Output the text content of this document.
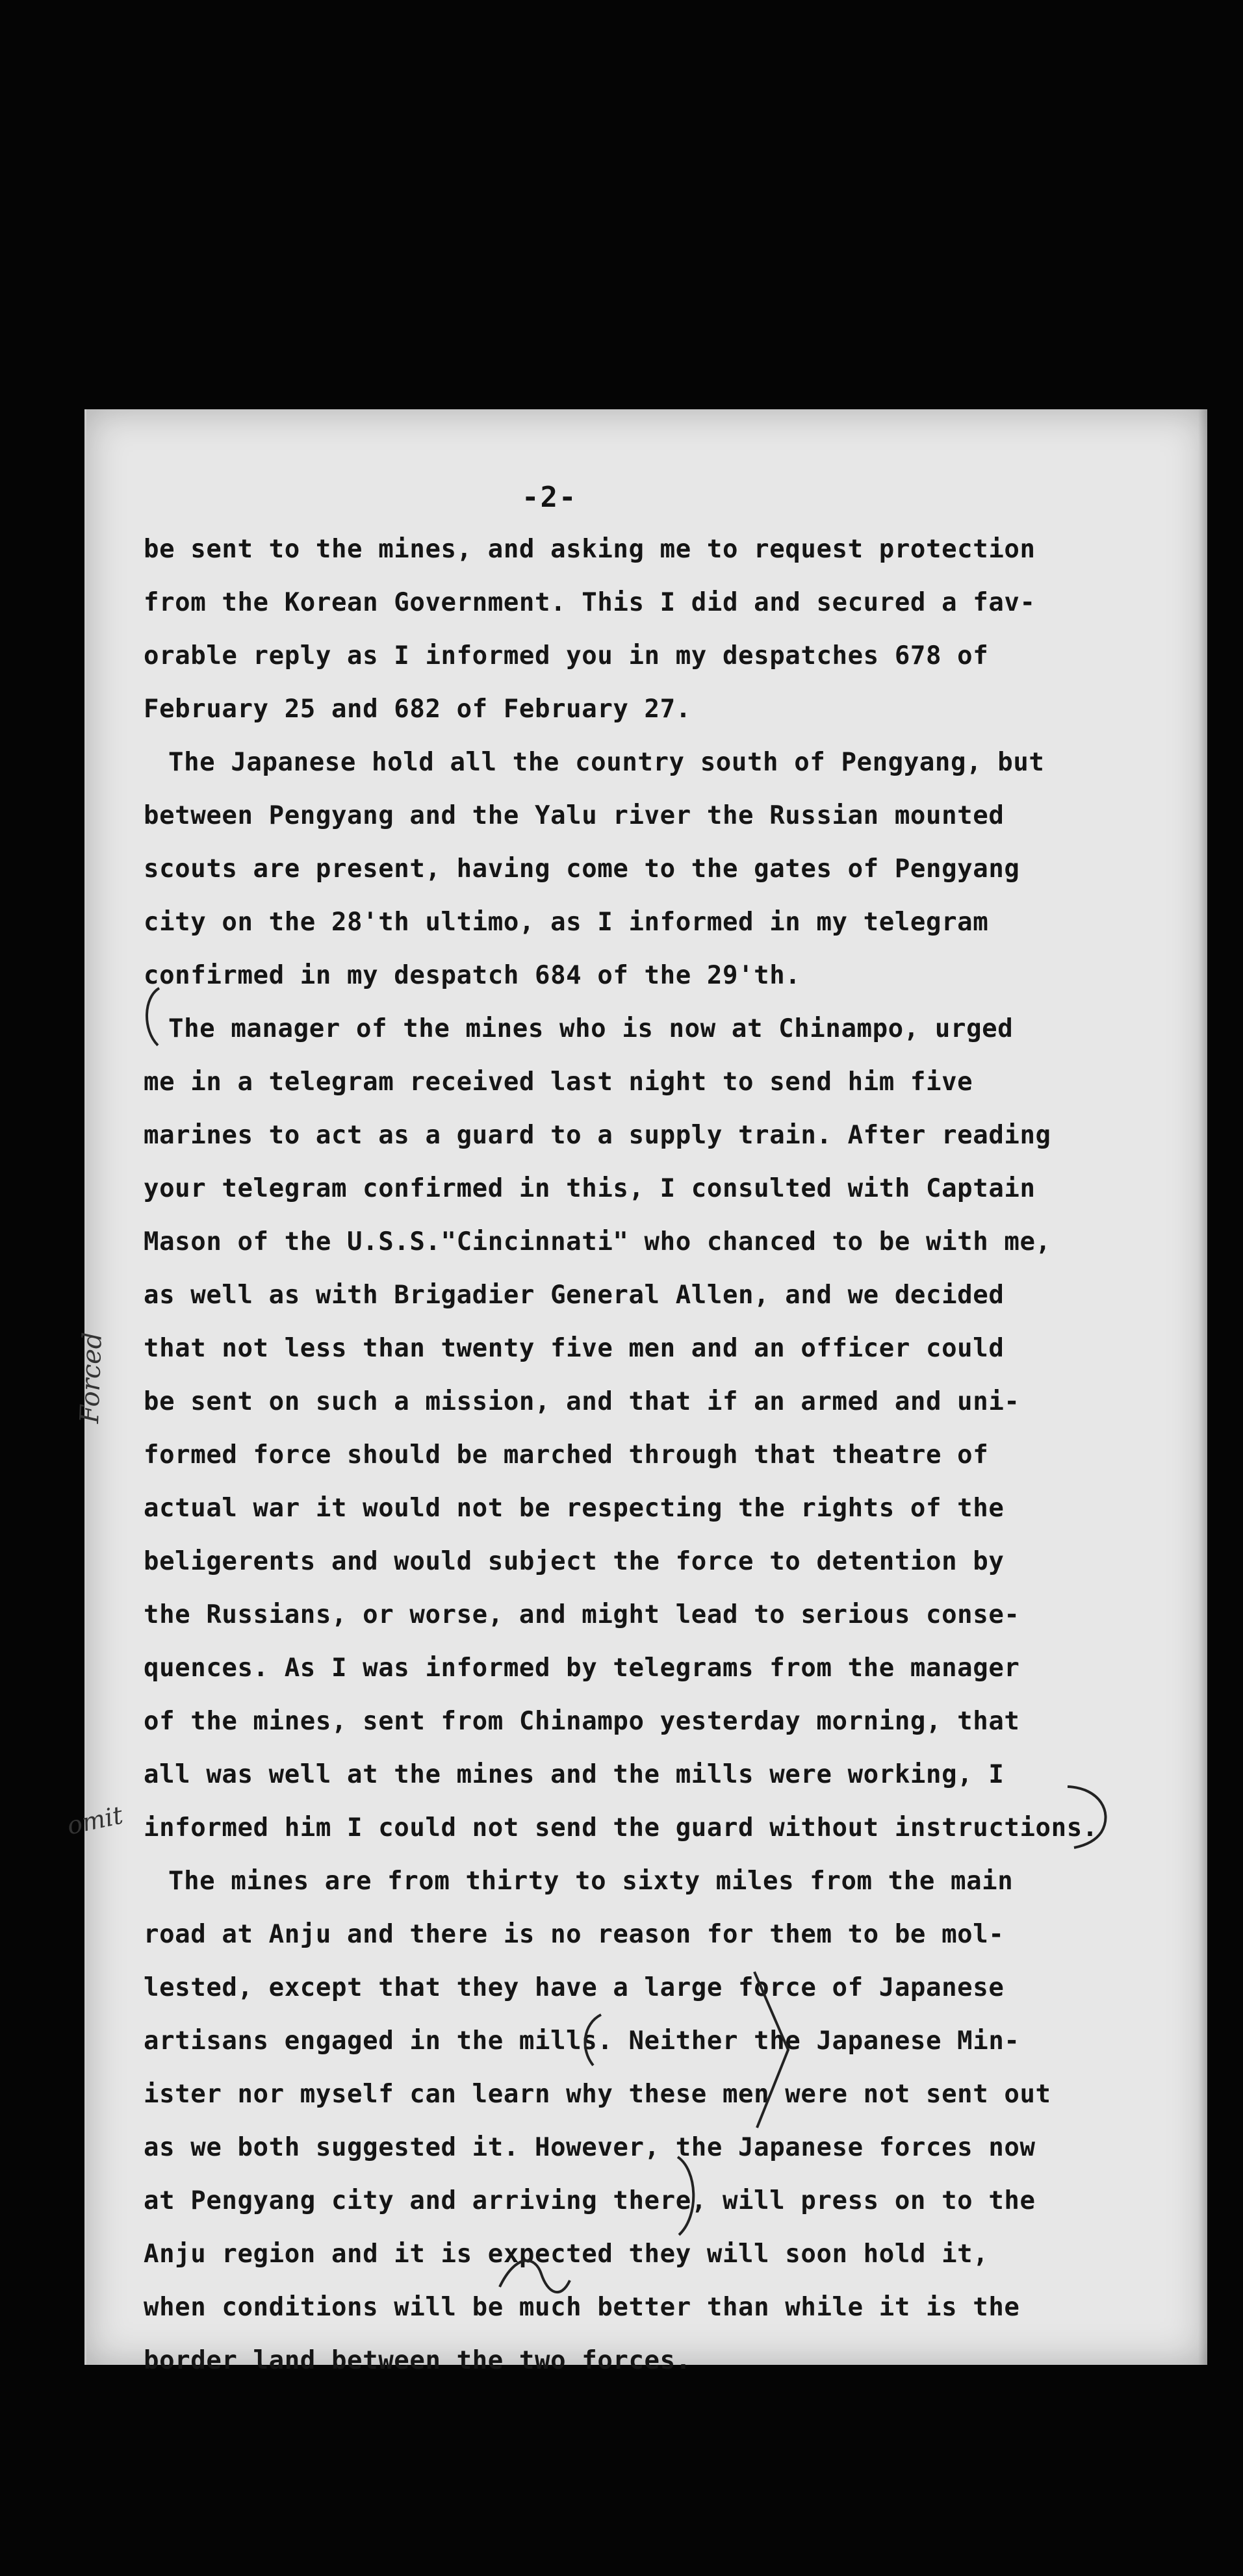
-2-
be sent to the mines, and asking me to request protection
from the Korean Government. This I did and secured a fav-
orable reply as I informed you in my despatches 678 of
February 25 and 682 of February 27.
The Japanese hold all the country south of Pengyang, but
between Pengyang and the Yalu river the Russian mounted
scouts are present, having come to the gates of Pengyang
city on the 28'th ultimo, as I informed in my telegram
confirmed in my despatch 684 of the 29'th.
The manager of the mines who is now at Chinampo, urged
me in a telegram received last night to send him five
marines to act as a guard to a supply train. After reading
your telegram confirmed in this, I consulted with Captain
Mason of the U.S.S."Cincinnati" who chanced to be with me,
as well as with Brigadier General Allen, and we decided
that not less than twenty five men and an officer could
be sent on such a mission, and that if an armed and uni-
formed force should be marched through that theatre of
actual war it would not be respecting the rights of the
beligerents and would subject the force to detention by
the Russians, or worse, and might lead to serious conse-
quences. As I was informed by telegrams from the manager
of the mines, sent from Chinampo yesterday morning, that
all was well at the mines and the mills were working, I
informed him I could not send the guard without instructions.
The mines are from thirty to sixty miles from the main
road at Anju and there is no reason for them to be mol-
lested, except that they have a large force of Japanese
artisans engaged in the mills. Neither the Japanese Min-
ister nor myself can learn why these men were not sent out
as we both suggested it. However, the Japanese forces now
at Pengyang city and arriving there, will press on to the
Anju region and it is expected they will soon hold it,
when conditions will be much better than while it is the
border land between the two forces.
Forced
omit
